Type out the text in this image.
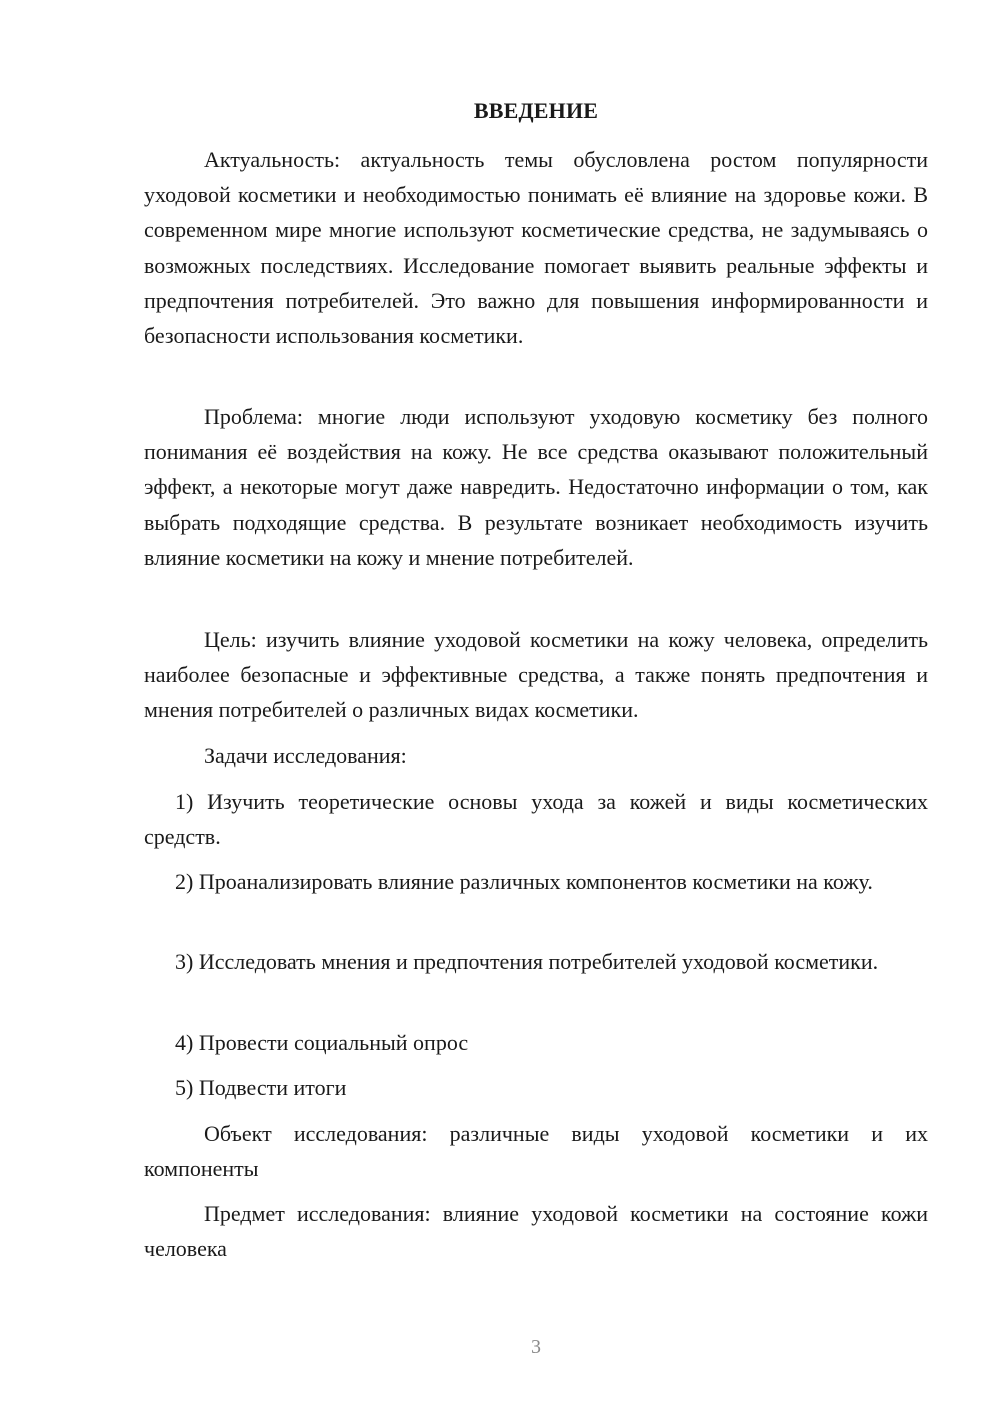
ВВЕДЕНИЕ

Актуальность: актуальность темы обусловлена ростом популярности уходовой косметики и необходимостью понимать её влияние на здоровье кожи. В современном мире многие используют косметические средства, не задумываясь о возможных последствиях. Исследование помогает выявить реальные эффекты и предпочтения потребителей. Это важно для повышения информированности и безопасности использования косметики.

Проблема: многие люди используют уходовую косметику без полного понимания её воздействия на кожу. Не все средства оказывают положительный эффект, а некоторые могут даже навредить. Недостаточно информации о том, как выбрать подходящие средства. В результате возникает необходимость изучить влияние косметики на кожу и мнение потребителей.

Цель: изучить влияние уходовой косметики на кожу человека, определить наиболее безопасные и эффективные средства, а также понять предпочтения и мнения потребителей о различных видах косметики.

Задачи исследования:

1) Изучить теоретические основы ухода за кожей и виды косметических средств.

2) Проанализировать влияние различных компонентов косметики на кожу.

3) Исследовать мнения и предпочтения потребителей уходовой косметики.

4) Провести социальный опрос

5) Подвести итоги

Объект исследования: различные виды уходовой косметики и их компоненты

Предмет исследования: влияние уходовой косметики на состояние кожи человека

3
